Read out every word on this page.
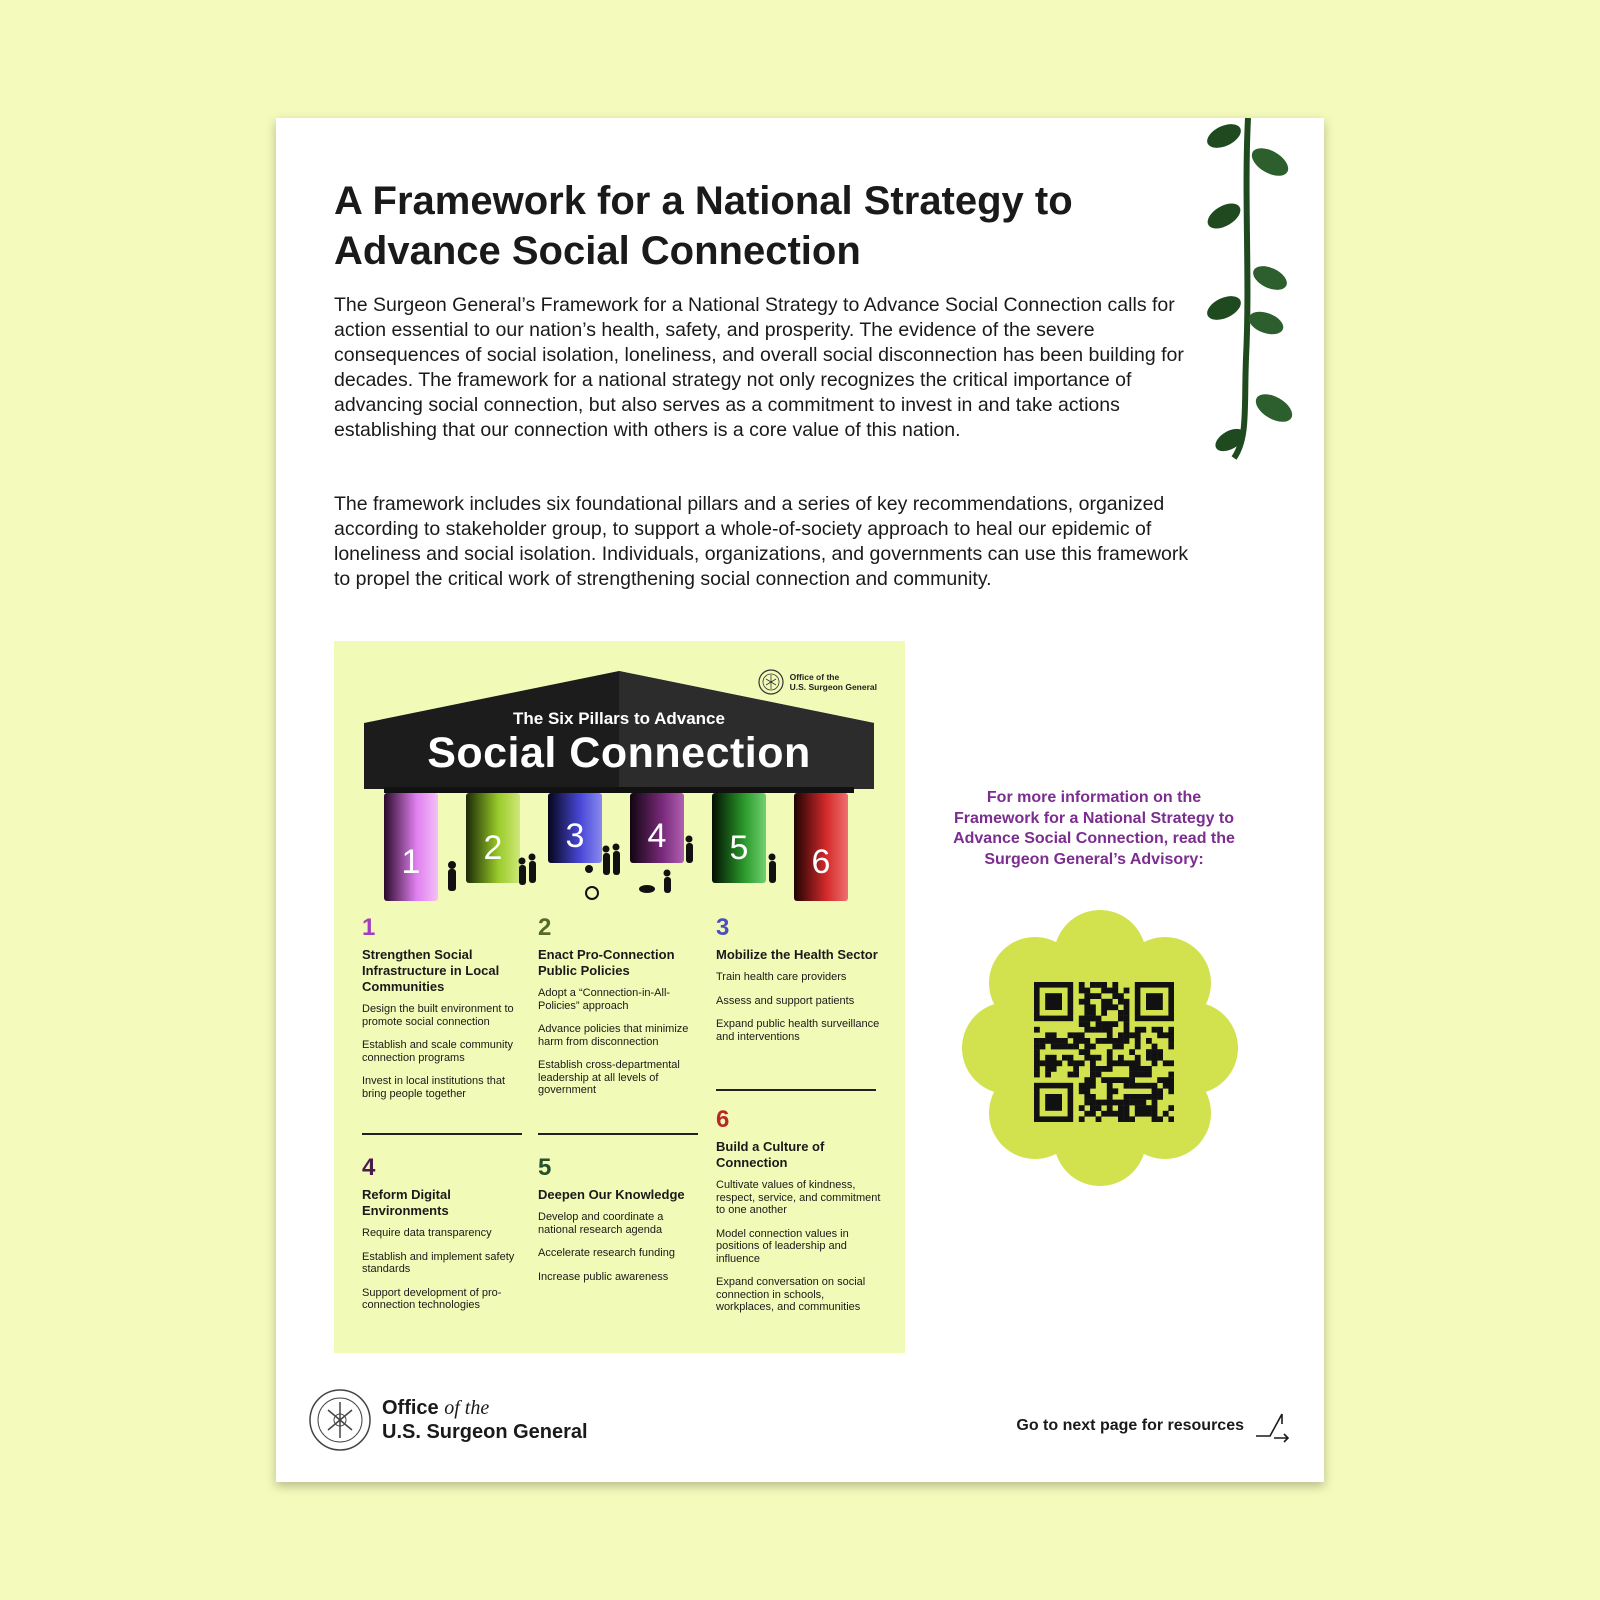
A Framework for a National Strategy to Advance Social Connection

The Surgeon General’s Framework for a National Strategy to Advance Social Connection calls for action essential to our nation’s health, safety, and prosperity. The evidence of the severe consequences of social isolation, loneliness, and overall social disconnection has been building for decades. The framework for a national strategy not only recognizes the critical importance of advancing social connection, but also serves as a commitment to invest in and take actions establishing that our connection with others is a core value of this nation.

The framework includes six foundational pillars and a series of key recommendations, organized according to stakeholder group, to support a whole-of-society approach to heal our epidemic of loneliness and social isolation. Individuals, organizations, and governments can use this framework to propel the critical work of strengthening social connection and community.

Office of the
U.S. Surgeon General
1 2 3 4 5 6
The Six Pillars to Advance
Social Connection
1
Strengthen Social Infrastructure in Local Communities
Design the built environment to promote social connection
Establish and scale community connection programs
Invest in local institutions that bring people together
2
Enact Pro-Connection Public Policies
Adopt a “Connection-in-All-Policies” approach
Advance policies that minimize harm from disconnection
Establish cross-departmental leadership at all levels of government
3
Mobilize the Health Sector
Train health care providers
Assess and support patients
Expand public health surveillance and interventions
4
Reform Digital Environments
Require data transparency
Establish and implement safety standards
Support development of pro-connection technologies
5
Deepen Our Knowledge
Develop and coordinate a national research agenda
Accelerate research funding
Increase public awareness
6
Build a Culture of Connection
Cultivate values of kindness, respect, service, and commitment to one another
Model connection values in positions of leadership and influence
Expand conversation on social connection in schools, workplaces, and communities
For more information on the Framework for a National Strategy to Advance Social Connection, read the Surgeon General’s Advisory:
Office of the
U.S. Surgeon General	Go to next page for resources
